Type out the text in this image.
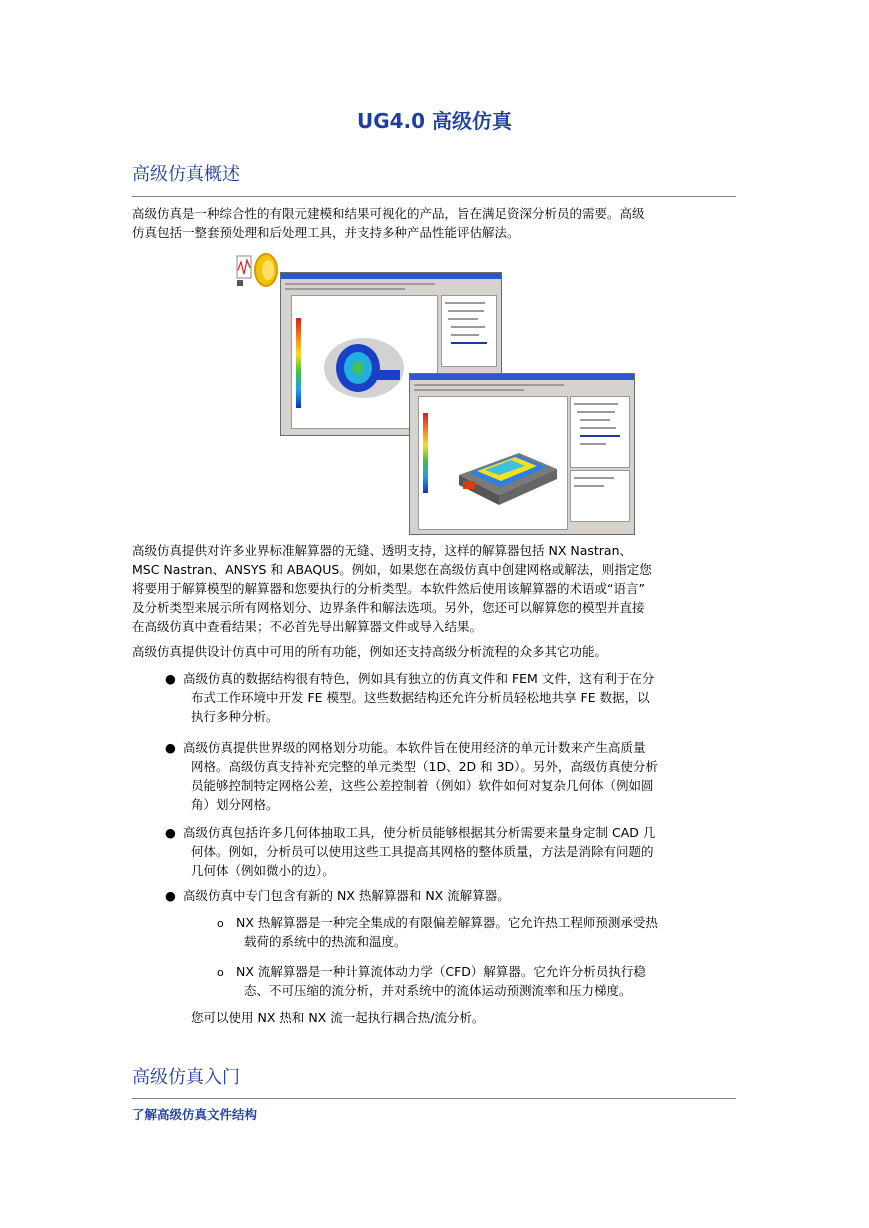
UG4.0 高级仿真
高级仿真概述
高级仿真是一种综合性的有限元建模和结果可视化的产品，旨在满足资深分析员的需要。高级
仿真包括一整套预处理和后处理工具，并支持多种产品性能评估解法。
高级仿真提供对许多业界标准解算器的无缝、透明支持，这样的解算器包括 NX Nastran、
MSC Nastran、ANSYS 和 ABAQUS。例如，如果您在高级仿真中创建网格或解法，则指定您
将要用于解算模型的解算器和您要执行的分析类型。本软件然后使用该解算器的术语或“语言”
及分析类型来展示所有网格划分、边界条件和解法选项。另外，您还可以解算您的模型并直接
在高级仿真中查看结果；不必首先导出解算器文件或导入结果。
高级仿真提供设计仿真中可用的所有功能，例如还支持高级分析流程的众多其它功能。
● 高级仿真的数据结构很有特色，例如具有独立的仿真文件和 FEM 文件，这有利于在分
布式工作环境中开发 FE 模型。这些数据结构还允许分析员轻松地共享 FE 数据，以
执行多种分析。
● 高级仿真提供世界级的网格划分功能。本软件旨在使用经济的单元计数来产生高质量
网格。高级仿真支持补充完整的单元类型（1D、2D 和 3D）。另外，高级仿真使分析
员能够控制特定网格公差，这些公差控制着（例如）软件如何对复杂几何体（例如圆
角）划分网格。
● 高级仿真包括许多几何体抽取工具，使分析员能够根据其分析需要来量身定制 CAD 几
何体。例如，分析员可以使用这些工具提高其网格的整体质量，方法是消除有问题的
几何体（例如微小的边）。
● 高级仿真中专门包含有新的 NX 热解算器和 NX 流解算器。
o NX 热解算器是一种完全集成的有限偏差解算器。它允许热工程师预测承受热
载荷的系统中的热流和温度。
o NX 流解算器是一种计算流体动力学（CFD）解算器。它允许分析员执行稳
态、不可压缩的流分析，并对系统中的流体运动预测流率和压力梯度。
您可以使用 NX 热和 NX 流一起执行耦合热/流分析。
高级仿真入门
了解高级仿真文件结构
